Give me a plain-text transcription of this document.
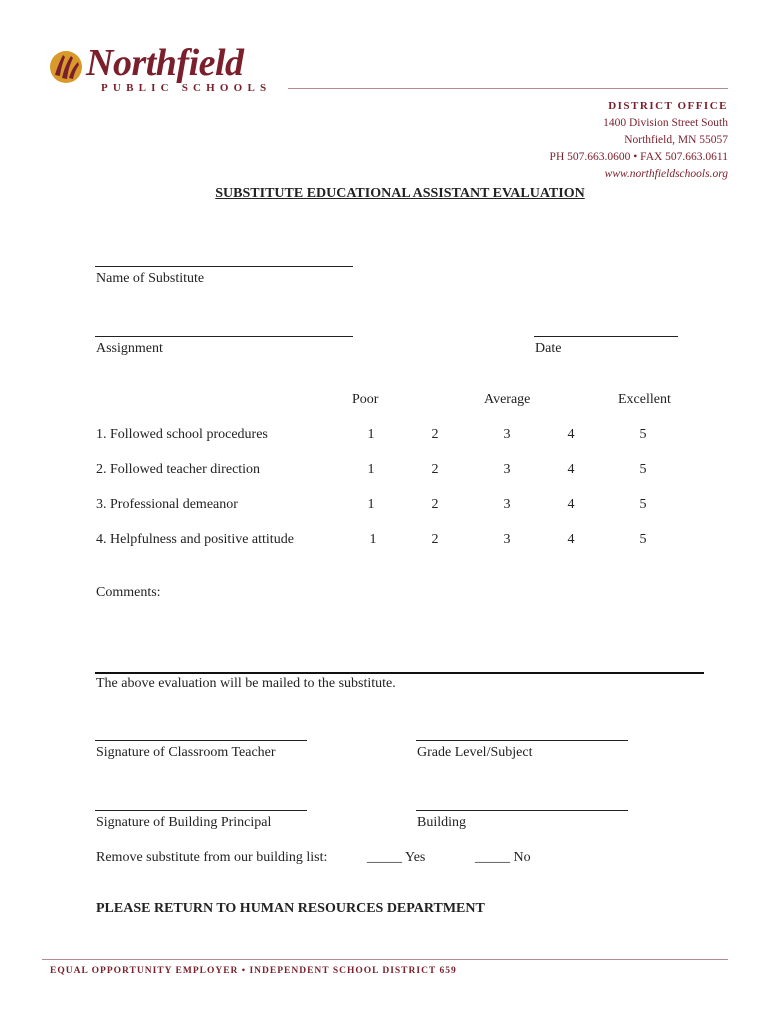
Northfield
PUBLIC SCHOOLS
DISTRICT OFFICE
1400 Division Street South
Northfield, MN 55057
PH 507.663.0600 • FAX 507.663.0611
www.northfieldschools.org
SUBSTITUTE EDUCATIONAL ASSISTANT EVALUATION
Name of Substitute
Assignment	Date
Poor	Average	Excellent
1. Followed school procedures	1	2	3	4	5
2. Followed teacher direction	1	2	3	4	5
3. Professional demeanor	1	2	3	4	5
4. Helpfulness and positive attitude	1	2	3	4	5
Comments:
The above evaluation will be mailed to the substitute.
Signature of Classroom Teacher	Grade Level/Subject
Signature of Building Principal	Building
Remove substitute from our building list:	_____ Yes	_____ No
PLEASE RETURN TO HUMAN RESOURCES DEPARTMENT
EQUAL OPPORTUNITY EMPLOYER • INDEPENDENT SCHOOL DISTRICT 659
